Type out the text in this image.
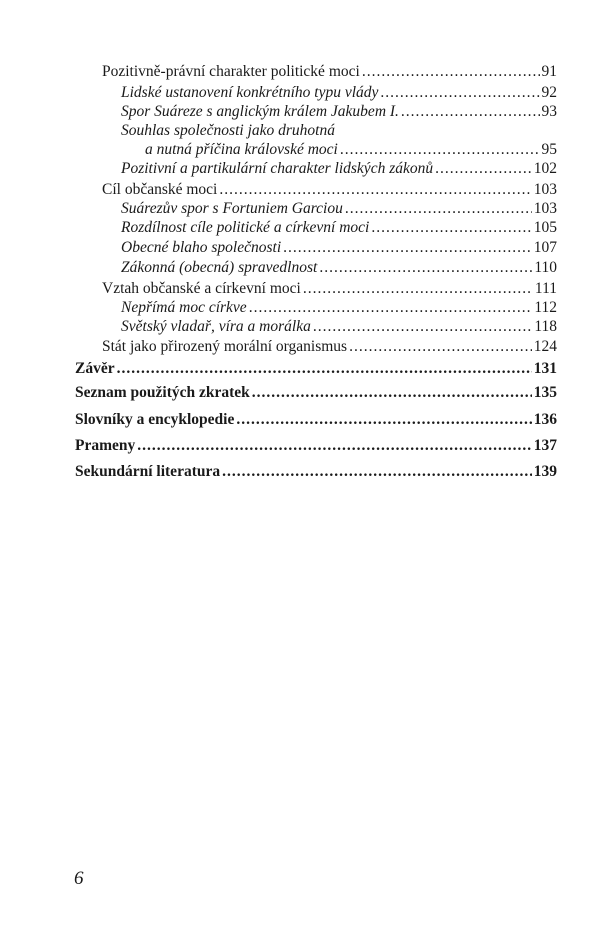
Pozitivně-právní charakter politické moci .....	91
Lidské ustanovení konkrétního typu vlády .....	92
Spor Suáreze s anglickým králem Jakubem I. .....	93
Souhlas společnosti jako druhotná
a nutná příčina královské moci .....	95
Pozitivní a partikulární charakter lidských zákonů .....	102
Cíl občanské moci .....	103
Suárezův spor s Fortuniem Garciou .....	103
Rozdílnost cíle politické a církevní moci .....	105
Obecné blaho společnosti .....	107
Zákonná (obecná) spravedlnost .....	110
Vztah občanské a církevní moci .....	111
Nepřímá moc církve .....	112
Světský vladař, víra a morálka .....	118
Stát jako přirozený morální organismus .....	124
Závěr .....	131
Seznam použitých zkratek .....	135
Slovníky a encyklopedie .....	136
Prameny .....	137
Sekundární literatura .....	139
6
